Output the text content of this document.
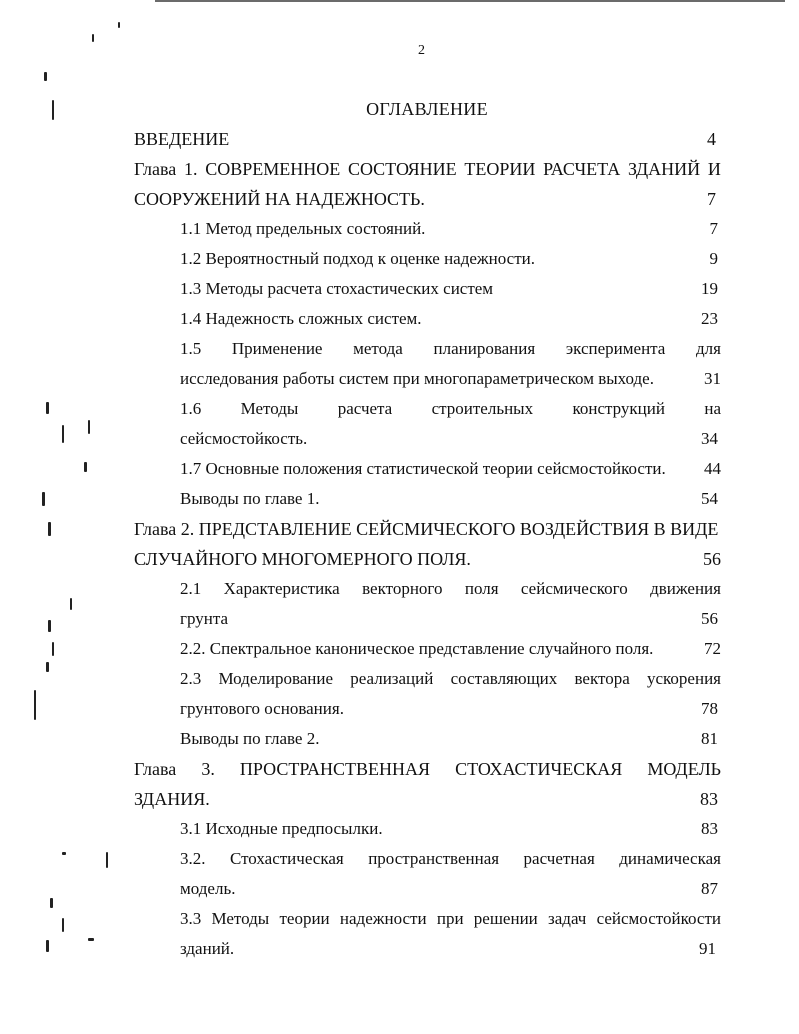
2
ОГЛАВЛЕНИЕ
ВВЕДЕНИЕ	4
Глава 1. СОВРЕМЕННОЕ СОСТОЯНИЕ ТЕОРИИ РАСЧЕТА ЗДАНИЙ И
СООРУЖЕНИЙ НА НАДЕЖНОСТЬ.	7
1.1 Метод предельных состояний.	7
1.2 Вероятностный подход к оценке надежности.	9
1.3 Методы расчета стохастических систем	19
1.4 Надежность сложных систем.	23
1.5 Применение метода планирования эксперимента для
исследования работы систем при многопараметрическом выходе.	31
1.6 Методы расчета строительных конструкций на
сейсмостойкость.	34
1.7 Основные положения статистической теории сейсмостойкости.	44
Выводы по главе 1.	54
Глава 2. ПРЕДСТАВЛЕНИЕ СЕЙСМИЧЕСКОГО ВОЗДЕЙСТВИЯ В ВИДЕ
СЛУЧАЙНОГО МНОГОМЕРНОГО ПОЛЯ.	56
2.1 Характеристика векторного поля сейсмического движения
грунта	56
2.2. Спектральное каноническое представление случайного поля.	72
2.3 Моделирование реализаций составляющих вектора ускорения
грунтового основания.	78
Выводы по главе 2.	81
Глава 3. ПРОСТРАНСТВЕННАЯ СТОХАСТИЧЕСКАЯ МОДЕЛЬ
ЗДАНИЯ.	83
3.1 Исходные предпосылки.	83
3.2. Стохастическая пространственная расчетная динамическая
модель.	87
3.3 Методы теории надежности при решении задач сейсмостойкости
зданий.	91
